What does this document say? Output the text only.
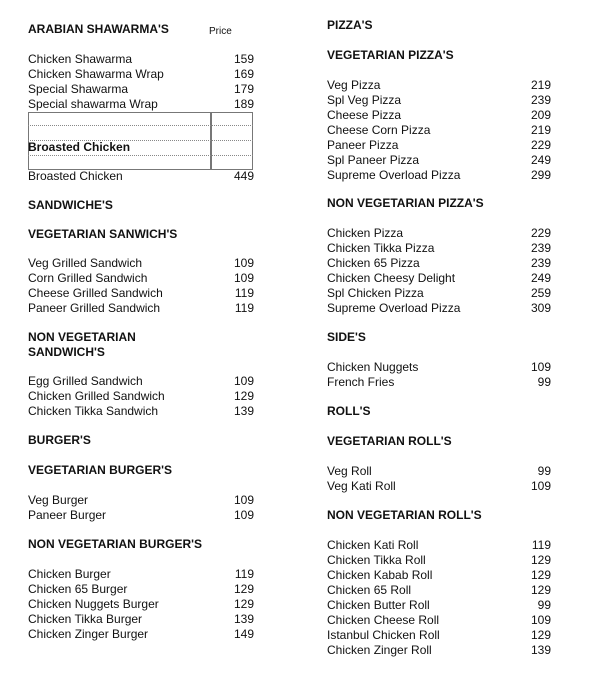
ARABIAN SHAWARMA'S	Price
Chicken Shawarma	159
Chicken Shawarma Wrap	169
Special Shawarma	179
Special shawarma Wrap	189
Broasted Chicken
Broasted Chicken	449
SANDWICHE'S
VEGETARIAN SANWICH'S
Veg Grilled Sandwich	109
Corn Grilled Sandwich	109
Cheese Grilled Sandwich	119
Paneer Grilled Sandwich	119
NON VEGETARIAN
SANDWICH'S
Egg Grilled Sandwich	109
Chicken Grilled Sandwich	129
Chicken Tikka Sandwich	139
BURGER'S
VEGETARIAN BURGER'S
Veg Burger	109
Paneer Burger	109
NON VEGETARIAN BURGER'S
Chicken Burger	119
Chicken 65 Burger	129
Chicken Nuggets Burger	129
Chicken Tikka Burger	139
Chicken Zinger Burger	149
PIZZA'S
VEGETARIAN PIZZA'S
Veg Pizza	219
Spl Veg Pizza	239
Cheese Pizza	209
Cheese Corn Pizza	219
Paneer Pizza	229
Spl Paneer Pizza	249
Supreme Overload Pizza	299
NON VEGETARIAN PIZZA'S
Chicken Pizza	229
Chicken Tikka Pizza	239
Chicken 65 Pizza	239
Chicken Cheesy Delight	249
Spl Chicken Pizza	259
Supreme Overload Pizza	309
SIDE'S
Chicken Nuggets	109
French Fries	99
ROLL'S
VEGETARIAN ROLL'S
Veg Roll	99
Veg Kati Roll	109
NON VEGETARIAN ROLL'S
Chicken Kati Roll	119
Chicken Tikka Roll	129
Chicken Kabab Roll	129
Chicken 65 Roll	129
Chicken Butter Roll	99
Chicken Cheese Roll	109
Istanbul Chicken Roll	129
Chicken Zinger Roll	139
